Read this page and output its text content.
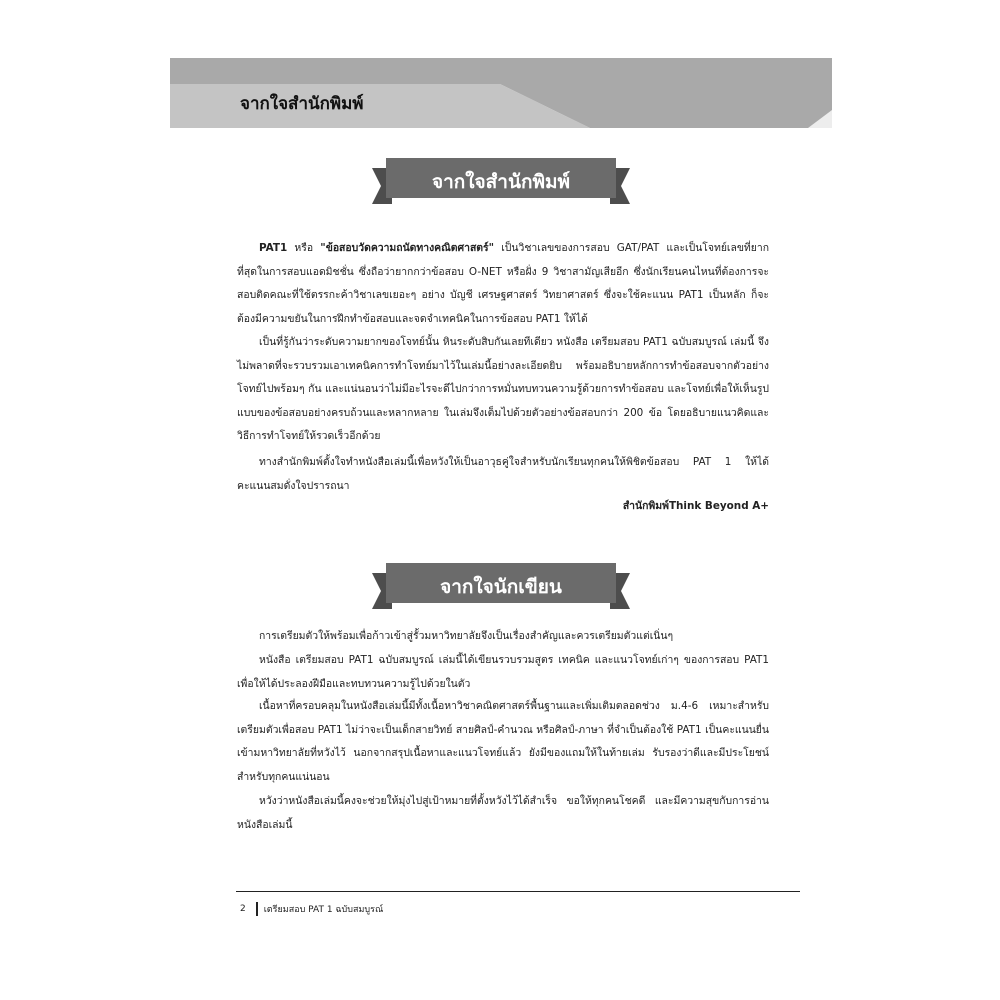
จากใจสำนักพิมพ์
จากใจสำนักพิมพ์

PAT1 หรือ "ข้อสอบวัดความถนัดทางคณิตศาสตร์" เป็นวิชาเลขของการสอบ GAT/PAT และเป็นโจทย์เลขที่ยากที่สุดในการสอบแอดมิชชั่น ซึ่งถือว่ายากกว่าข้อสอบ O-NET หรือฝั่ง 9 วิชาสามัญเสียอีก ซึ่งนักเรียนคนไหนที่ต้องการจะสอบติดคณะที่ใช้ตรรกะค้าวิชาเลขเยอะๆ อย่าง บัญชี เศรษฐศาสตร์ วิทยาศาสตร์ ซึ่งจะใช้คะแนน PAT1 เป็นหลัก ก็จะต้องมีความขยันในการฝึกทำข้อสอบและจดจำเทคนิคในการข้อสอบ PAT1 ให้ได้

เป็นที่รู้กันว่าระดับความยากของโจทย์นั้น หินระดับสิบกันเลยทีเดียว หนังสือ เตรียมสอบ PAT1 ฉบับสมบูรณ์ เล่มนี้ จึงไม่พลาดที่จะรวบรวมเอาเทคนิคการทำโจทย์มาไว้ในเล่มนี้อย่างละเอียดยิบ พร้อมอธิบายหลักการทำข้อสอบจากตัวอย่างโจทย์ไปพร้อมๆ กัน และแน่นอนว่าไม่มีอะไรจะดีไปกว่าการหมั่นทบทวนความรู้ด้วยการทำข้อสอบ และโจทย์เพื่อให้เห็นรูปแบบของข้อสอบอย่างครบถ้วนและหลากหลาย ในเล่มจึงเต็มไปด้วยตัวอย่างข้อสอบกว่า 200 ข้อ โดยอธิบายแนวคิดและวิธีการทำโจทย์ให้รวดเร็วอีกด้วย

ทางสำนักพิมพ์ตั้งใจทำหนังสือเล่มนี้เพื่อหวังให้เป็นอาวุธคู่ใจสำหรับนักเรียนทุกคนให้พิชิตข้อสอบ PAT 1 ให้ได้คะแนนสมดั่งใจปรารถนา

สำนักพิมพ์Think Beyond A+

จากใจนักเขียน

การเตรียมตัวให้พร้อมเพื่อก้าวเข้าสู่รั้วมหาวิทยาลัยจึงเป็นเรื่องสำคัญและควรเตรียมตัวแต่เนิ่นๆ

หนังสือ เตรียมสอบ PAT1 ฉบับสมบูรณ์ เล่มนี้ได้เขียนรวบรวมสูตร เทคนิค และแนวโจทย์เก่าๆ ของการสอบ PAT1 เพื่อให้ได้ประลองฝีมือและทบทวนความรู้ไปด้วยในตัว

เนื้อหาที่ครอบคลุมในหนังสือเล่มนี้มีทั้งเนื้อหาวิชาคณิตศาสตร์พื้นฐานและเพิ่มเติมตลอดช่วง ม.4-6 เหมาะสำหรับเตรียมตัวเพื่อสอบ PAT1 ไม่ว่าจะเป็นเด็กสายวิทย์ สายศิลป์-คำนวณ หรือศิลป์-ภาษา ที่จำเป็นต้องใช้ PAT1 เป็นคะแนนยื่นเข้ามหาวิทยาลัยที่หวังไว้ นอกจากสรุปเนื้อหาและแนวโจทย์แล้ว ยังมีของแถมให้ในท้ายเล่ม รับรองว่าดีและมีประโยชน์สำหรับทุกคนแน่นอน

หวังว่าหนังสือเล่มนี้คงจะช่วยให้มุ่งไปสู่เป้าหมายที่ตั้งหวังไว้ได้สำเร็จ ขอให้ทุกคนโชคดี และมีความสุขกับการอ่านหนังสือเล่มนี้

2 เตรียมสอบ PAT 1 ฉบับสมบูรณ์
